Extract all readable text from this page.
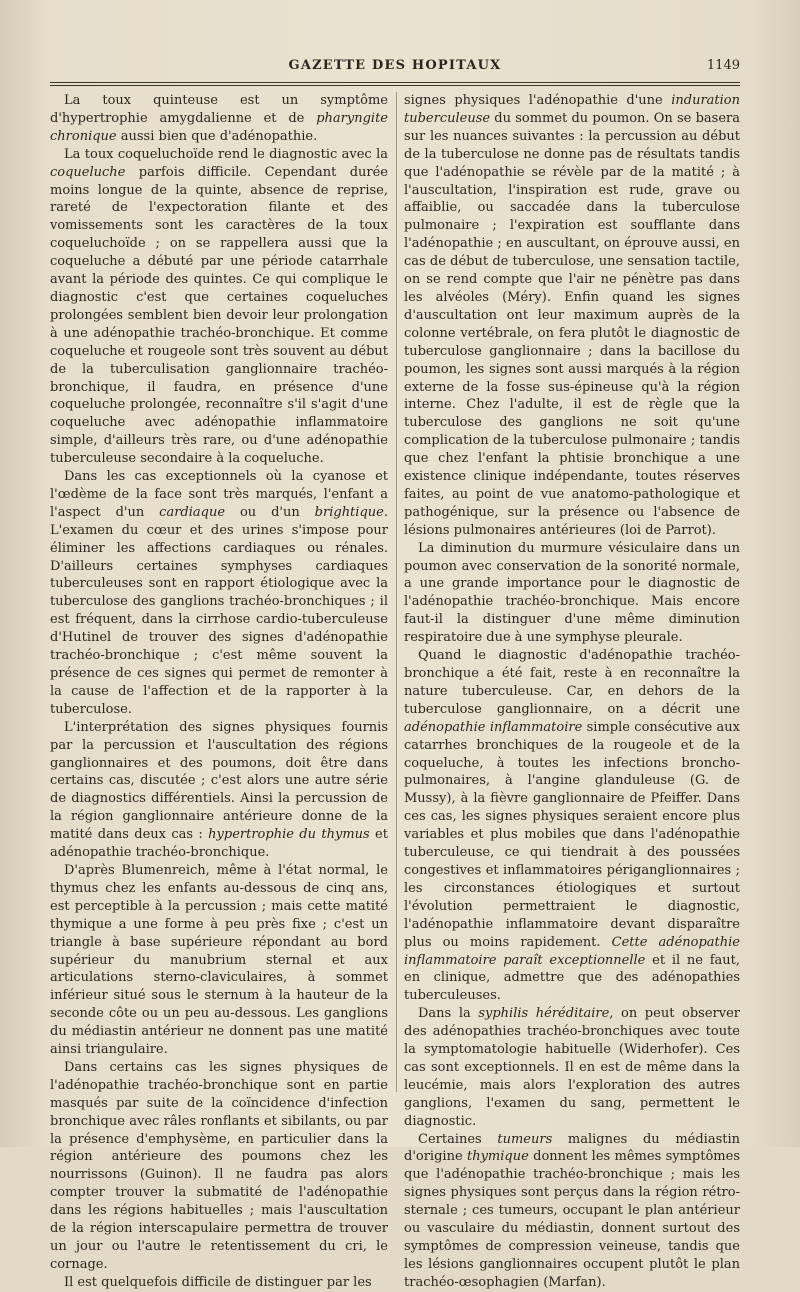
GAZETTE DES HOPITAUX	1149

La toux quinteuse est un symptôme d'hypertrophie amygdalienne et de pharyngite chronique aussi bien que d'adénopathie.

La toux coqueluchoïde rend le diagnostic avec la coqueluche parfois difficile. Cependant durée moins longue de la quinte, absence de reprise, rareté de l'expectoration filante et des vomissements sont les caractères de la toux coqueluchoïde ; on se rappellera aussi que la coqueluche a débuté par une période catarrhale avant la période des quintes. Ce qui complique le diagnostic c'est que certaines coqueluches prolongées semblent bien devoir leur prolongation à une adénopathie trachéo-bronchique. Et comme coqueluche et rougeole sont très souvent au début de la tuberculisation ganglionnaire trachéo-bronchique, il faudra, en présence d'une coqueluche prolongée, reconnaître s'il s'agit d'une coqueluche avec adénopathie inflammatoire simple, d'ailleurs très rare, ou d'une adénopathie tuberculeuse secondaire à la coqueluche.

Dans les cas exceptionnels où la cyanose et l'œdème de la face sont très marqués, l'enfant a l'aspect d'un cardiaque ou d'un brightique. L'examen du cœur et des urines s'impose pour éliminer les affections cardiaques ou rénales. D'ailleurs certaines symphyses cardiaques tuberculeuses sont en rapport étiologique avec la tuberculose des ganglions trachéo-bronchiques ; il est fréquent, dans la cirrhose cardio-tuberculeuse d'Hutinel de trouver des signes d'adénopathie trachéo-bronchique ; c'est même souvent la présence de ces signes qui permet de remonter à la cause de l'affection et de la rapporter à la tuberculose.

L'interprétation des signes physiques fournis par la percussion et l'auscultation des régions ganglionnaires et des poumons, doit être dans certains cas, discutée ; c'est alors une autre série de diagnostics différentiels. Ainsi la percussion de la région ganglionnaire antérieure donne de la matité dans deux cas : hypertrophie du thymus et adénopathie trachéo-bronchique.

D'après Blumenreich, même à l'état normal, le thymus chez les enfants au-dessous de cinq ans, est perceptible à la percussion ; mais cette matité thymique a une forme à peu près fixe ; c'est un triangle à base supérieure répondant au bord supérieur du manubrium sternal et aux articulations sterno-claviculaires, à sommet inférieur situé sous le sternum à la hauteur de la seconde côte ou un peu au-dessous. Les ganglions du médiastin antérieur ne donnent pas une matité ainsi triangulaire.

Dans certains cas les signes physiques de l'adénopathie trachéo-bronchique sont en partie masqués par suite de la coïncidence d'infection bronchique avec râles ronflants et sibilants, ou par la présence d'emphysème, en particulier dans la région antérieure des poumons chez les nourrissons (Guinon). Il ne faudra pas alors compter trouver la submatité de l'adénopathie dans les régions habituelles ; mais l'auscultation de la région interscapulaire permettra de trouver un jour ou l'autre le retentissement du cri, le cornage.

Il est quelquefois difficile de distinguer par les

signes physiques l'adénopathie d'une induration tuberculeuse du sommet du poumon. On se basera sur les nuances suivantes : la percussion au début de la tuberculose ne donne pas de résultats tandis que l'adénopathie se révèle par de la matité ; à l'auscultation, l'inspiration est rude, grave ou affaiblie, ou saccadée dans la tuberculose pulmonaire ; l'expiration est soufflante dans l'adénopathie ; en auscultant, on éprouve aussi, en cas de début de tuberculose, une sensation tactile, on se rend compte que l'air ne pénètre pas dans les alvéoles (Méry). Enfin quand les signes d'auscultation ont leur maximum auprès de la colonne vertébrale, on fera plutôt le diagnostic de tuberculose ganglionnaire ; dans la bacillose du poumon, les signes sont aussi marqués à la région externe de la fosse sus-épineuse qu'à la région interne. Chez l'adulte, il est de règle que la tuberculose des ganglions ne soit qu'une complication de la tuberculose pulmonaire ; tandis que chez l'enfant la phtisie bronchique a une existence clinique indépendante, toutes réserves faites, au point de vue anatomo-pathologique et pathogénique, sur la présence ou l'absence de lésions pulmonaires antérieures (loi de Parrot).

La diminution du murmure vésiculaire dans un poumon avec conservation de la sonorité normale, a une grande importance pour le diagnostic de l'adénopathie trachéo-bronchique. Mais encore faut-il la distinguer d'une même diminution respiratoire due à une symphyse pleurale.

Quand le diagnostic d'adénopathie trachéo-bronchique a été fait, reste à en reconnaître la nature tuberculeuse. Car, en dehors de la tuberculose ganglionnaire, on a décrit une adénopathie inflammatoire simple consécutive aux catarrhes bronchiques de la rougeole et de la coqueluche, à toutes les infections broncho-pulmonaires, à l'angine glanduleuse (G. de Mussy), à la fièvre ganglionnaire de Pfeiffer. Dans ces cas, les signes physiques seraient encore plus variables et plus mobiles que dans l'adénopathie tuberculeuse, ce qui tiendrait à des poussées congestives et inflammatoires périganglionnaires ; les circonstances étiologiques et surtout l'évolution permettraient le diagnostic, l'adénopathie inflammatoire devant disparaître plus ou moins rapidement. Cette adénopathie inflammatoire paraît exceptionnelle et il ne faut, en clinique, admettre que des adénopathies tuberculeuses.

Dans la syphilis héréditaire, on peut observer des adénopathies trachéo-bronchiques avec toute la symptomatologie habituelle (Widerhofer). Ces cas sont exceptionnels. Il en est de même dans la leucémie, mais alors l'exploration des autres ganglions, l'examen du sang, permettent le diagnostic.

Certaines tumeurs malignes du médiastin d'origine thymique donnent les mêmes symptômes que l'adénopathie trachéo-bronchique ; mais les signes physiques sont perçus dans la région rétro-sternale ; ces tumeurs, occupant le plan antérieur ou vasculaire du médiastin, donnent surtout des symptômes de compression veineuse, tandis que les lésions ganglionnaires occupent plutôt le plan trachéo-œsophagien (Marfan).
